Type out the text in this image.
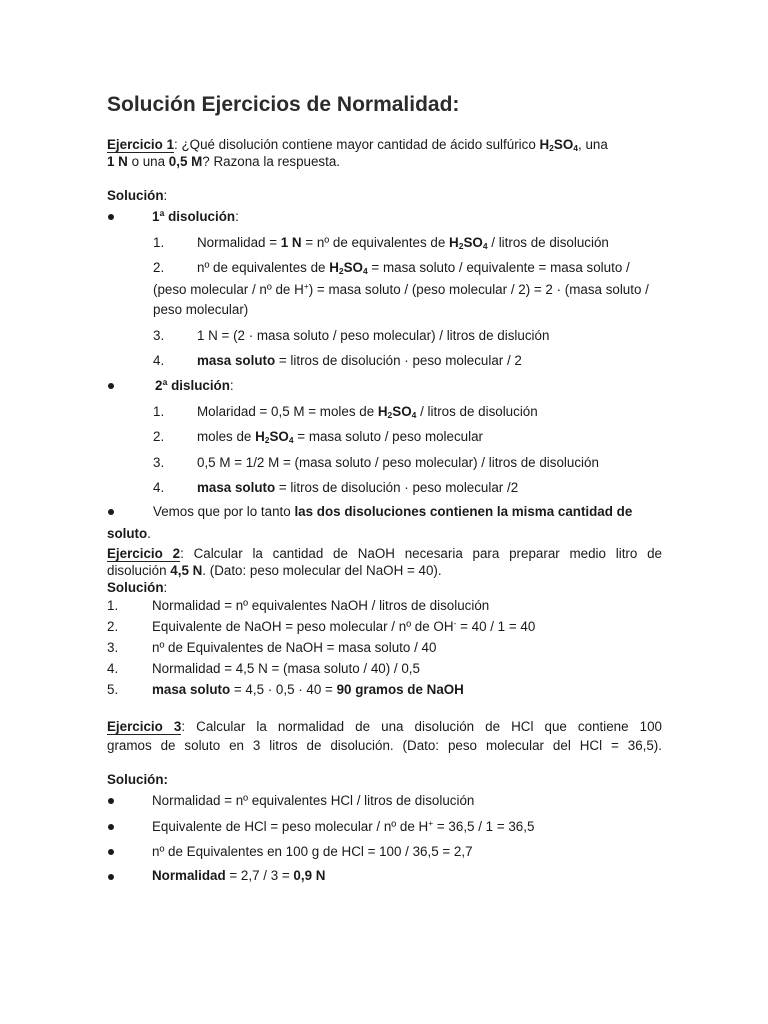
Solución Ejercicios de Normalidad:
Ejercicio 1: ¿Qué disolución contiene mayor cantidad de ácido sulfúrico $H_2SO_4$, una
1 N o una 0,5 M? Razona la respuesta.
Solución:
1ª disolución:
1. Normalidad = 1 N = nº de equivalentes de $H_2SO_4$ / litros de disolución
2. nº de equivalentes de $H_2SO_4$ = masa soluto / equivalente = masa soluto /
(peso molecular / nº de H+) = masa soluto / (peso molecular / 2) = 2 · (masa soluto /
peso molecular)
3. 1 N = (2 · masa soluto / peso molecular) / litros de dislución
4. masa soluto = litros de disolución · peso molecular / 2
2ª dislución:
1. Molaridad = 0,5 M = moles de $H_2SO_4$ / litros de disolución
2. moles de $H_2SO_4$ = masa soluto / peso molecular
3. 0,5 M = 1/2 M = (masa soluto / peso molecular) / litros de disolución
4. masa soluto = litros de disolución · peso molecular /2
Vemos que por lo tanto las dos disoluciones contienen la misma cantidad de
soluto.
Ejercicio 2: Calcular la cantidad de NaOH necesaria para preparar medio litro de
disolución 4,5 N. (Dato: peso molecular del NaOH = 40).
Solución:
1.	Normalidad = nº equivalentes NaOH / litros de disolución
2.	Equivalente de NaOH = peso molecular / nº de OH- = 40 / 1 = 40
3.	nº de Equivalentes de NaOH = masa soluto / 40
4.	Normalidad = 4,5 N = (masa soluto / 40) / 0,5
5.	masa soluto = 4,5 · 0,5 · 40 = 90 gramos de NaOH
Ejercicio 3: Calcular la normalidad de una disolución de HCl que contiene 100
gramos de soluto en 3 litros de disolución. (Dato: peso molecular del HCl = 36,5).
Solución:
Normalidad = nº equivalentes HCl / litros de disolución
Equivalente de HCl = peso molecular / nº de H+ = 36,5 / 1 = 36,5
nº de Equivalentes en 100 g de HCl = 100 / 36,5 = 2,7
Normalidad = 2,7 / 3 = 0,9 N
